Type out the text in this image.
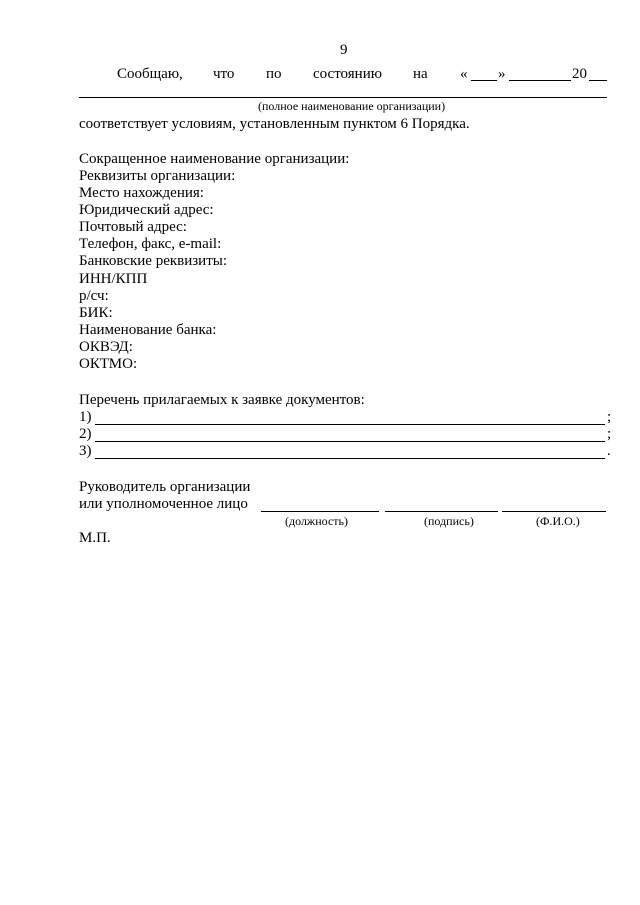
9
Сообщаю, что по состоянию на « »	20
(полное наименование организации)
соответствует условиям, установленным пунктом 6 Порядка.
Сокращенное наименование организации:
Реквизиты организации:
Место нахождения:
Юридический адрес:
Почтовый адрес:
Телефон, факс, e-mail:
Банковские реквизиты:
ИНН/КПП
р/сч:
БИК:
Наименование банка:
ОКВЭД:
ОКТМО:
Перечень прилагаемых к заявке документов:
1)	;
2)	;
3)	.
Руководитель организации
или уполномоченное лицо
(должность)	(подпись)	(Ф.И.О.)
М.П.
